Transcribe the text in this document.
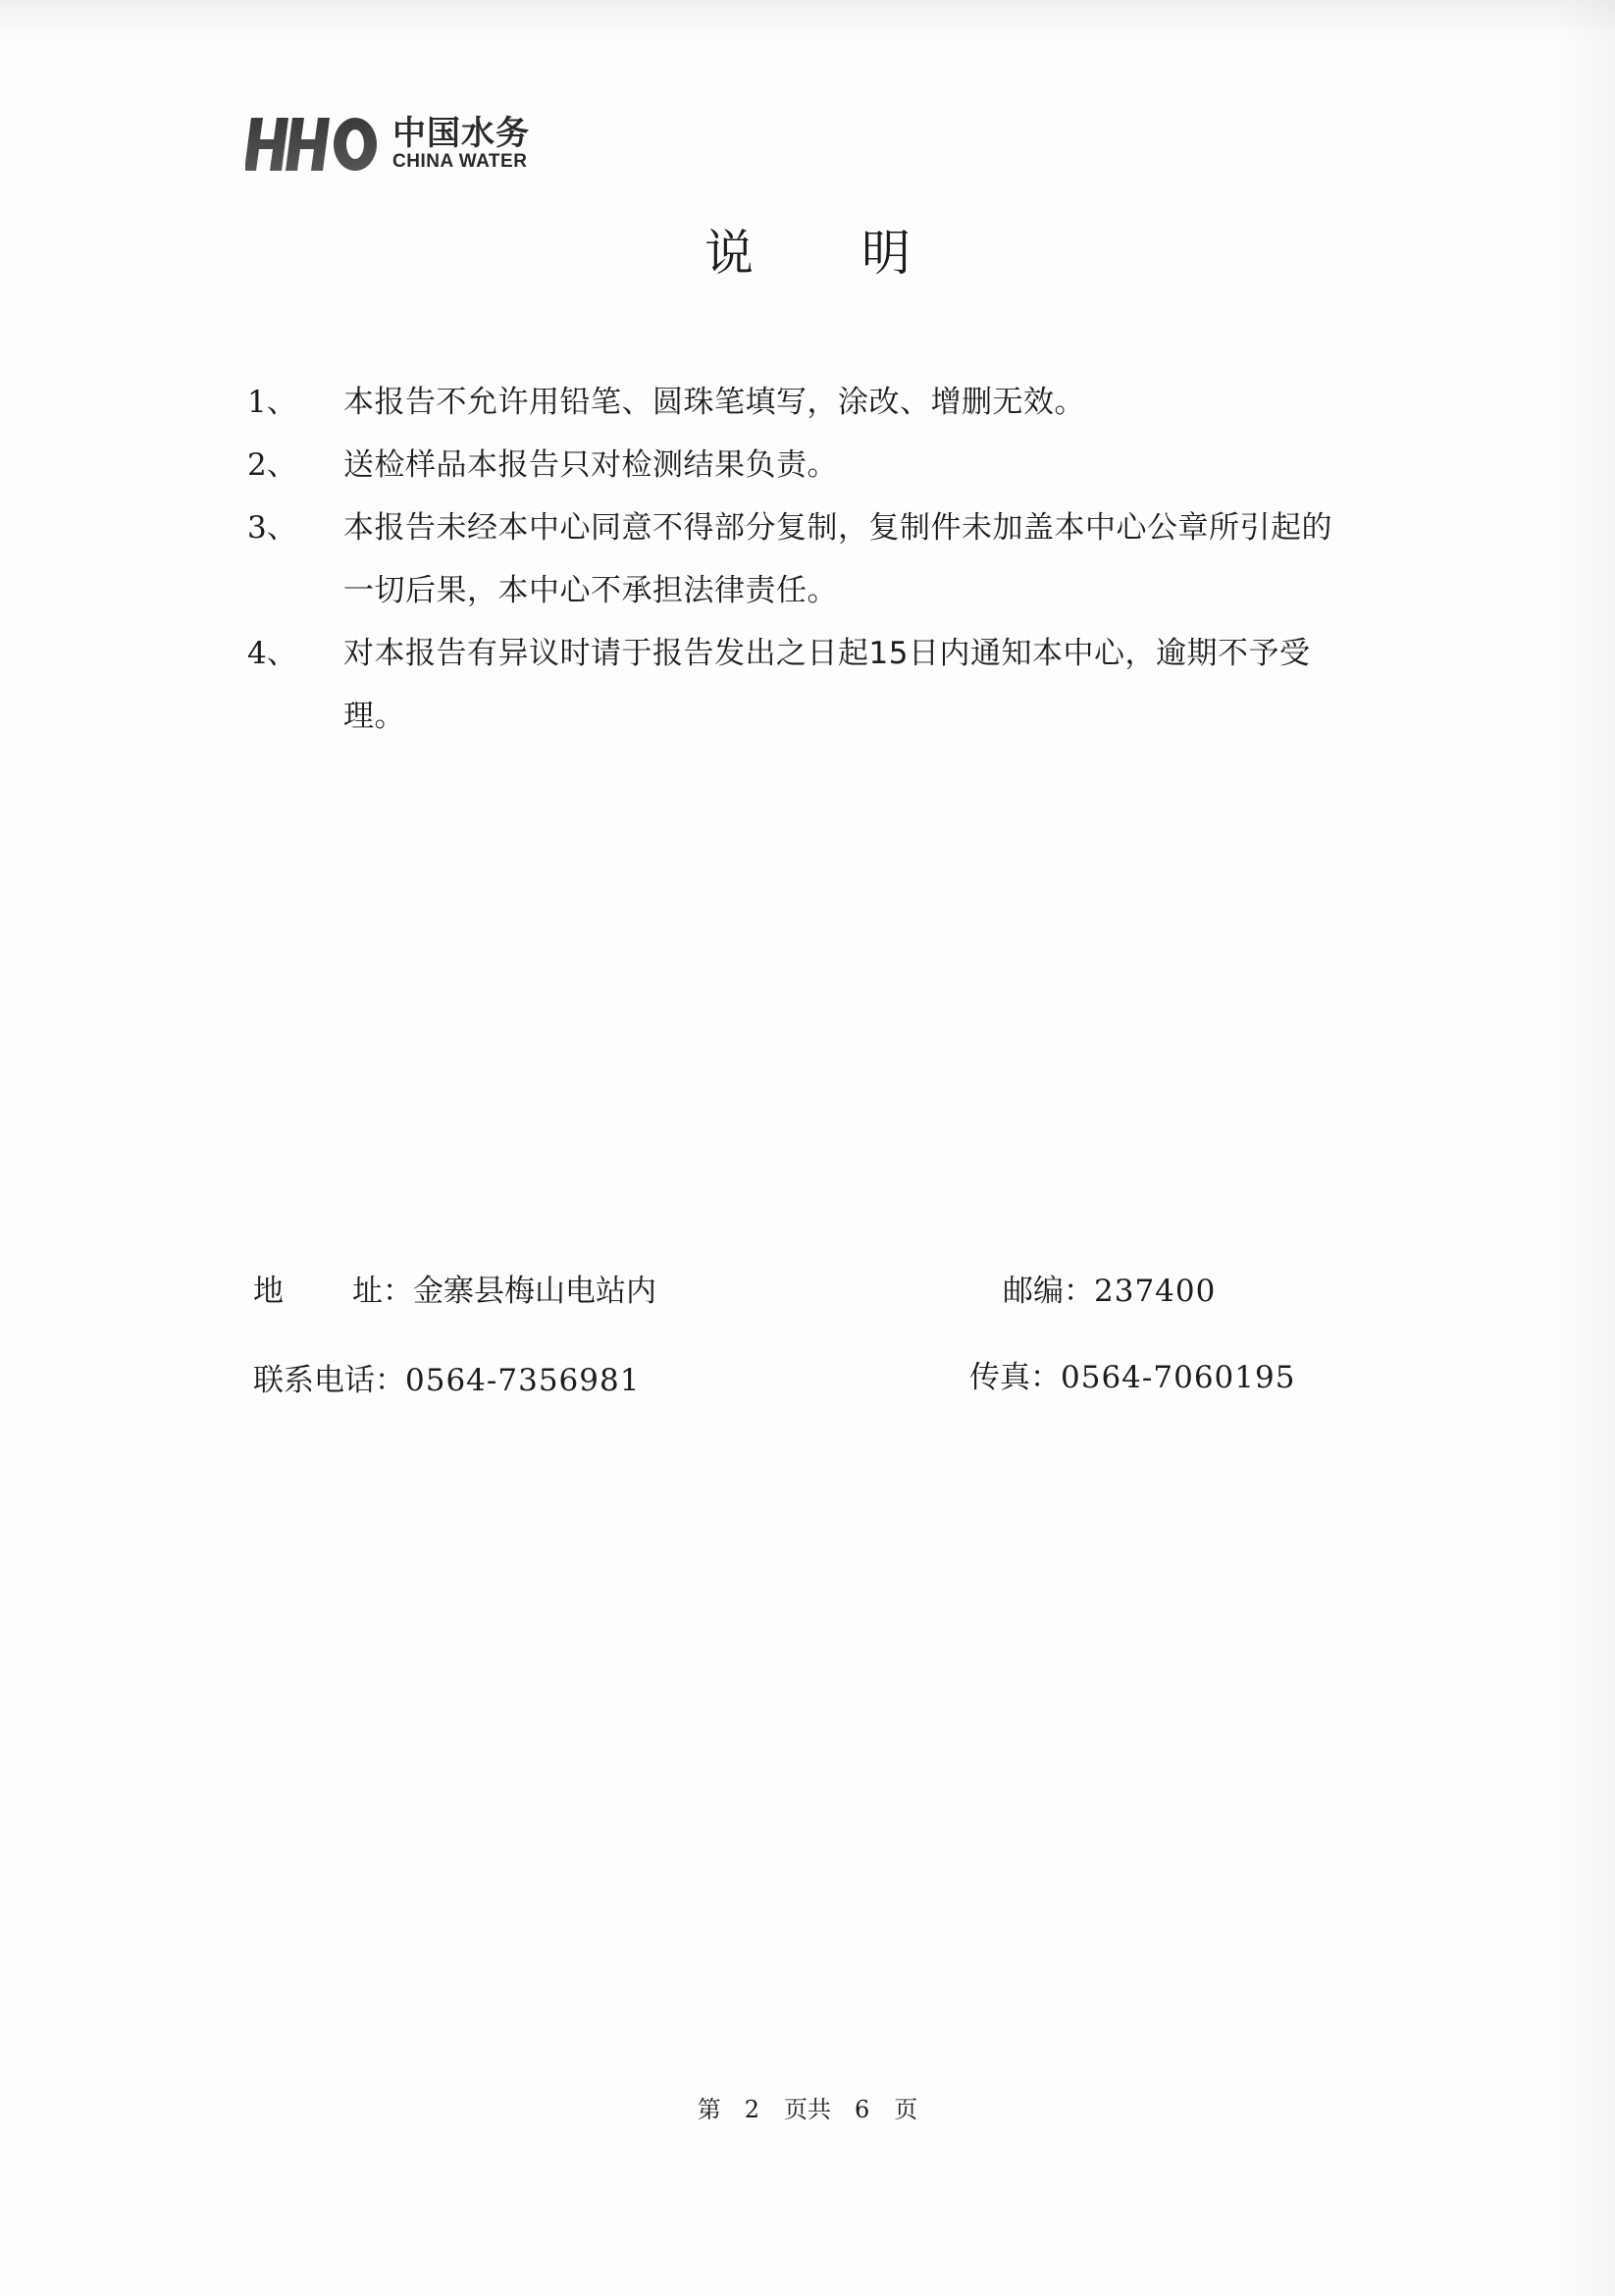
中国水务
CHINA WATER
说 明
1、	本报告不允许用铅笔、圆珠笔填写，涂改、增删无效。
2、	送检样品本报告只对检测结果负责。
3、	本报告未经本中心同意不得部分复制，复制件未加盖本中心公章所引起的
一切后果，本中心不承担法律责任。
4、	对本报告有异议时请于报告发出之日起15日内通知本中心，逾期不予受
理。
地 址：金寨县梅山电站内	邮编：237400
联系电话：0564-7356981	传真：0564-7060195
第 2 页共 6 页
